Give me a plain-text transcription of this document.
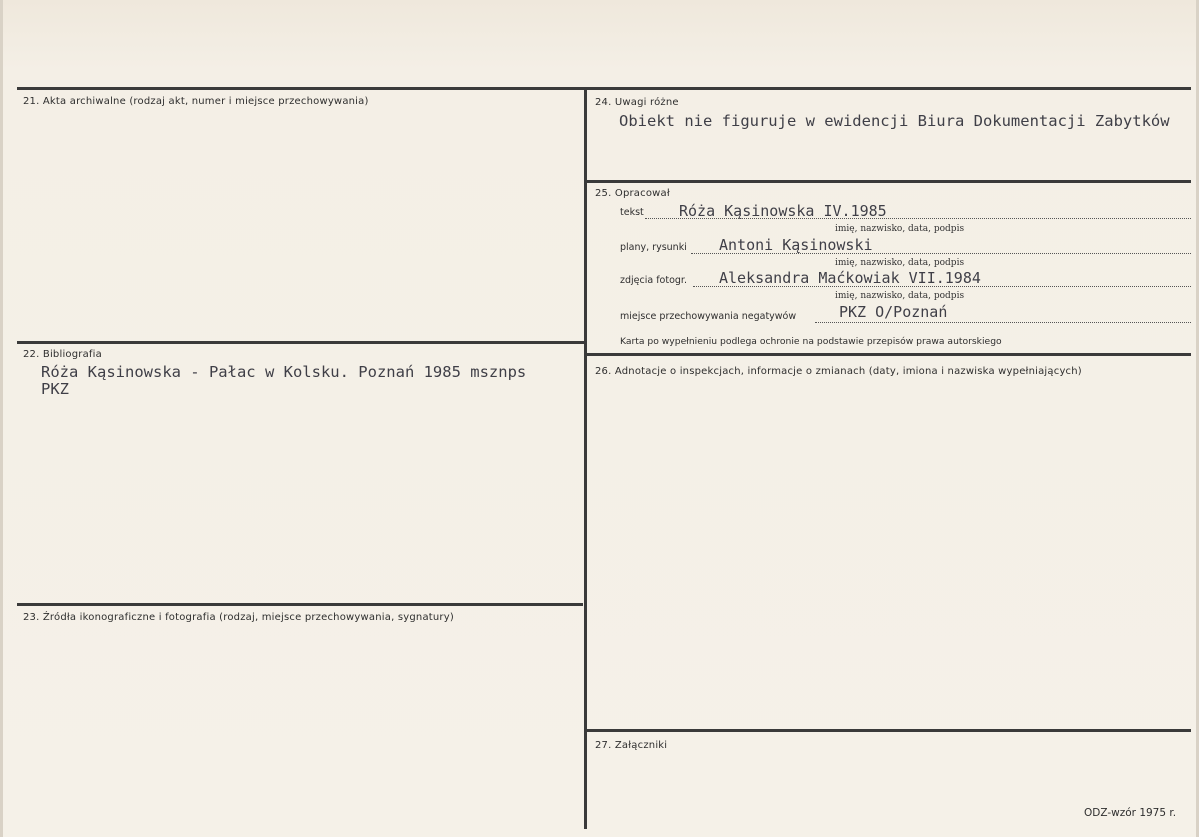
21. Akta archiwalne (rodzaj akt, numer i miejsce przechowywania)
22. Bibliografia
Róża Kąsinowska - Pałac w Kolsku. Poznań 1985 msznps
PKZ
23. Źródła ikonograficzne i fotografia (rodzaj, miejsce przechowywania, sygnatury)
24. Uwagi różne
Obiekt nie figuruje w ewidencji Biura Dokumentacji Zabytków
25. Opracował
tekst Róża Kąsinowska IV.1985
imię, nazwisko, data, podpis
plany, rysunki Antoni Kąsinowski
imię, nazwisko, data, podpis
zdjęcia fotogr. Aleksandra Maćkowiak VII.1984
imię, nazwisko, data, podpis
miejsce przechowywania negatywów	PKZ O/Poznań
Karta po wypełnieniu podlega ochronie na podstawie przepisów prawa autorskiego
26. Adnotacje o inspekcjach, informacje o zmianach (daty, imiona i nazwiska wypełniających)
27. Załączniki
ODZ-wzór 1975 r.
